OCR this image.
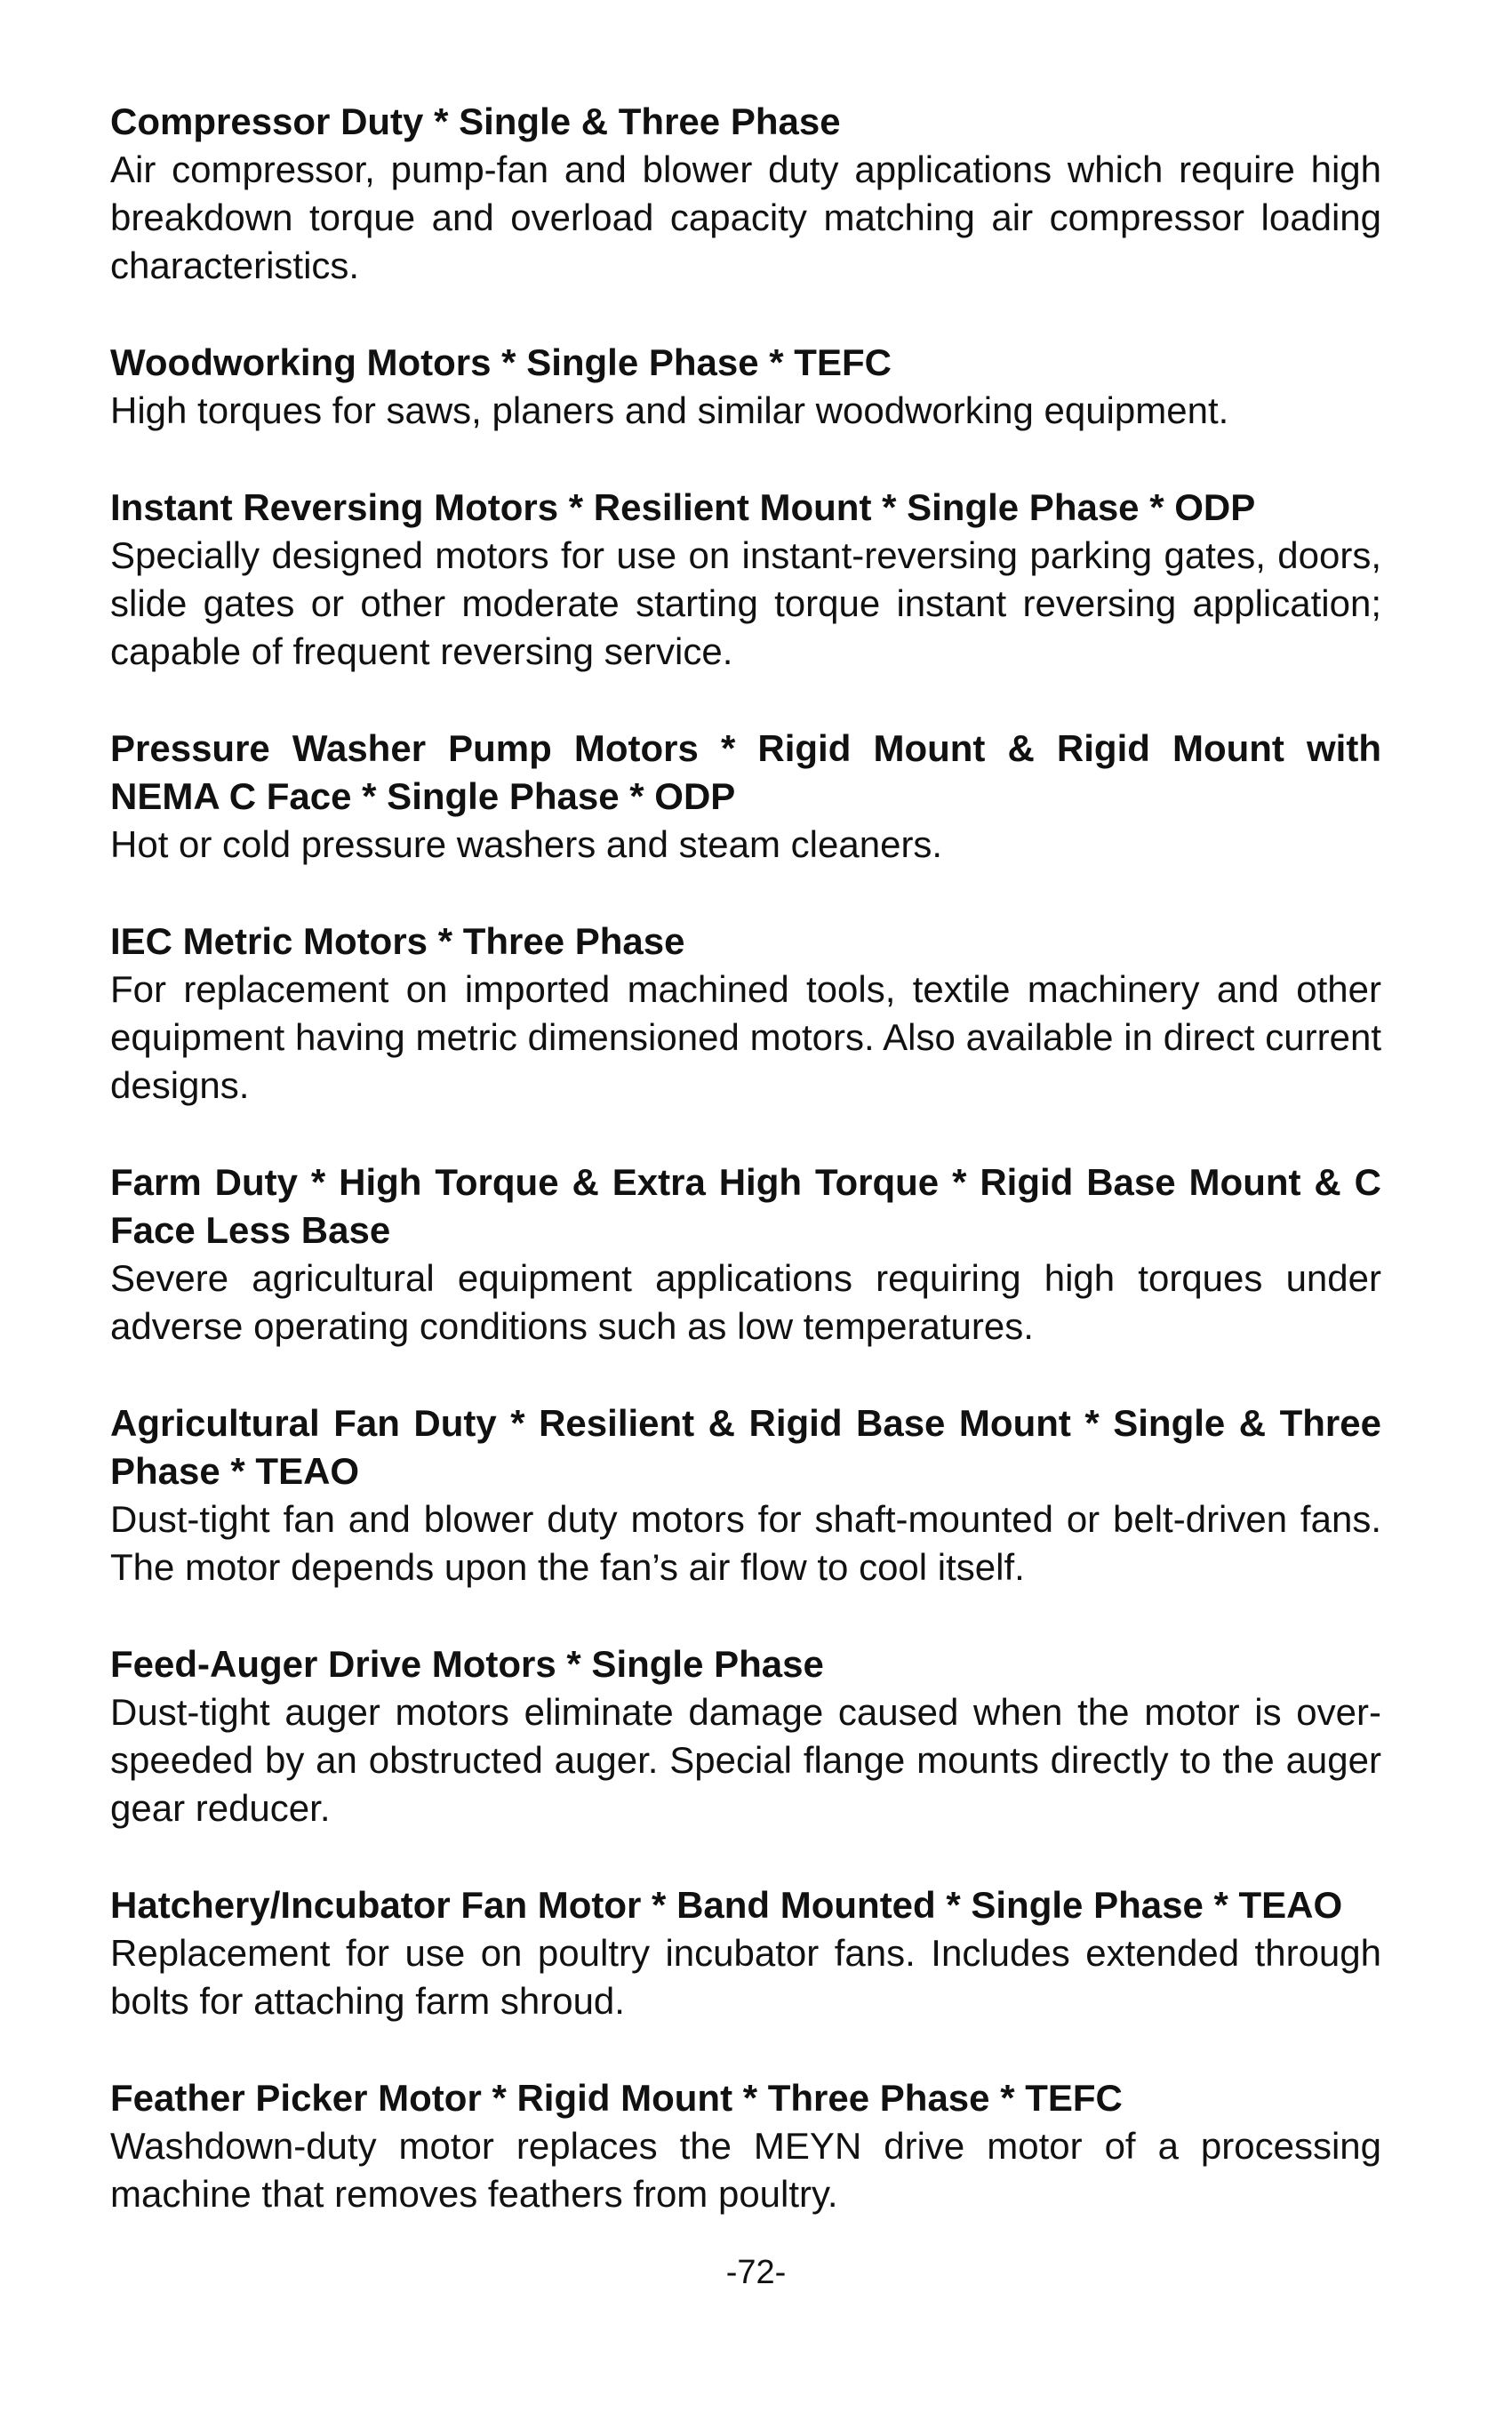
Compressor Duty * Single & Three Phase

Air compressor, pump-fan and blower duty applications which require high breakdown torque and overload capacity matching air compressor loading characteristics.

Woodworking Motors * Single Phase * TEFC

High torques for saws, planers and similar woodworking equipment.

Instant Reversing Motors * Resilient Mount * Single Phase * ODP

Specially designed motors for use on instant-reversing parking gates, doors, slide gates or other moderate starting torque instant reversing application; capable of frequent reversing service.

Pressure Washer Pump Motors * Rigid Mount & Rigid Mount with NEMA C Face * Single Phase * ODP

Hot or cold pressure washers and steam cleaners.

IEC Metric Motors * Three Phase

For replacement on imported machined tools, textile machinery and other equipment having metric dimensioned motors. Also available in direct current designs.

Farm Duty * High Torque & Extra High Torque * Rigid Base Mount & C Face Less Base

Severe agricultural equipment applications requiring high torques under adverse operating conditions such as low temperatures.

Agricultural Fan Duty * Resilient & Rigid Base Mount * Single & Three Phase * TEAO

Dust-tight fan and blower duty motors for shaft-mounted or belt-driven fans. The motor depends upon the fan’s air flow to cool itself.

Feed-Auger Drive Motors * Single Phase

Dust-tight auger motors eliminate damage caused when the motor is over-speeded by an obstructed auger. Special flange mounts directly to the auger gear reducer.

Hatchery/Incubator Fan Motor * Band Mounted * Single Phase * TEAO

Replacement for use on poultry incubator fans. Includes extended through bolts for attaching farm shroud.

Feather Picker Motor * Rigid Mount * Three Phase * TEFC

Washdown-duty motor replaces the MEYN drive motor of a processing machine that removes feathers from poultry.

-72-
